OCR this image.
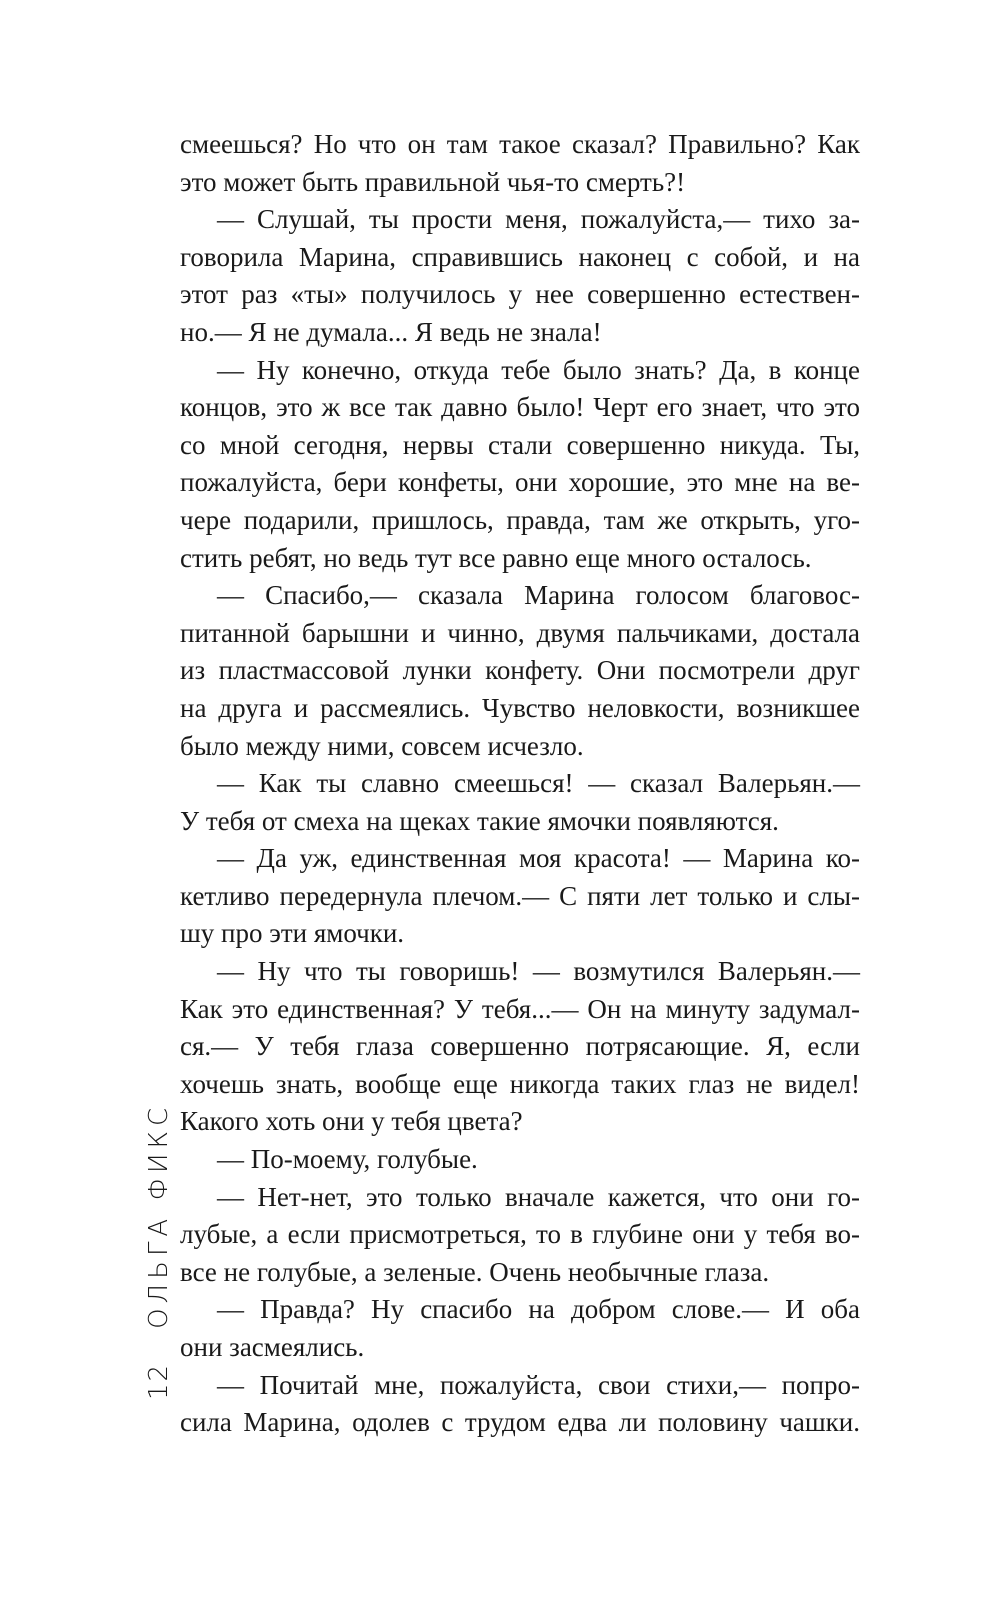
смеешься? Но что он там такое сказал? Правильно? Как
это может быть правильной чья-то смерть?!
— Слушай, ты прости меня, пожалуйста,— тихо за-
говорила Марина, справившись наконец с собой, и на
этот раз «ты» получилось у нее совершенно естествен-
но.— Я не думала... Я ведь не знала!
— Ну конечно, откуда тебе было знать? Да, в конце
концов, это ж все так давно было! Черт его знает, что это
со мной сегодня, нервы стали совершенно никуда. Ты,
пожалуйста, бери конфеты, они хорошие, это мне на ве-
чере подарили, пришлось, правда, там же открыть, уго-
стить ребят, но ведь тут все равно еще много осталось.
— Спасибо,— сказала Марина голосом благовос-
питанной барышни и чинно, двумя пальчиками, достала
из пластмассовой лунки конфету. Они посмотрели друг
на друга и рассмеялись. Чувство неловкости, возникшее
было между ними, совсем исчезло.
— Как ты славно смеешься! — сказал Валерьян.—
У тебя от смеха на щеках такие ямочки появляются.
— Да уж, единственная моя красота! — Марина ко-
кетливо передернула плечом.— С пяти лет только и слы-
шу про эти ямочки.
— Ну что ты говоришь! — возмутился Валерьян.—
Как это единственная? У тебя...— Он на минуту задумал-
ся.— У тебя глаза совершенно потрясающие. Я, если
хочешь знать, вообще еще никогда таких глаз не видел!
Какого хоть они у тебя цвета?
— По-моему, голубые.
— Нет-нет, это только вначале кажется, что они го-
лубые, а если присмотреться, то в глубине они у тебя во-
все не голубые, а зеленые. Очень необычные глаза.
— Правда? Ну спасибо на добром слове.— И оба
они засмеялись.
— Почитай мне, пожалуйста, свои стихи,— попро-
сила Марина, одолев с трудом едва ли половину чашки.
12
ОЛЬГА ФИКС
